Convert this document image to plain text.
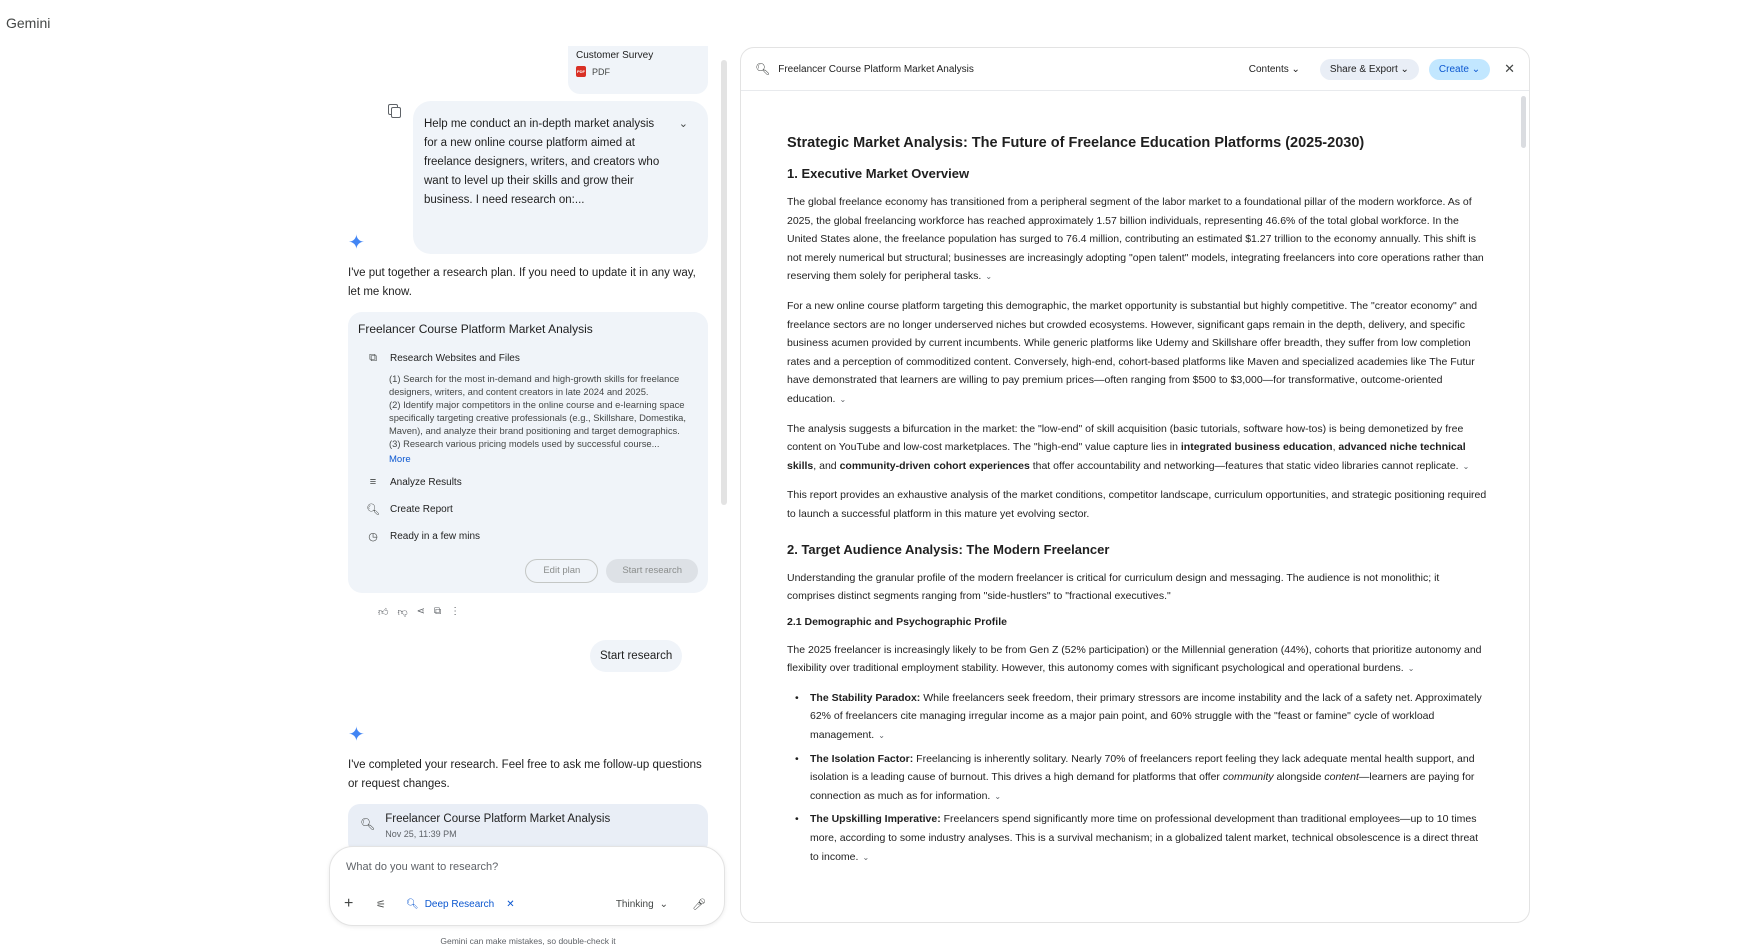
Gemini
Customer Survey
PDF PDF
Help me conduct an in-depth market analysis for a new online course platform aimed at freelance designers, writers, and creators who want to level up their skills and grow their business. I need research on:...
⌄
✦
I've put together a research plan. If you need to update it in any way, let me know.
Freelancer Course Platform Market Analysis
⧉	Research Websites and Files
(1) Search for the most in-demand and high-growth skills for freelance designers, writers, and content creators in late 2024 and 2025.
(2) Identify major competitors in the online course and e-learning space specifically targeting creative professionals (e.g., Skillshare, Domestika, Maven), and analyze their brand positioning and target demographics.
(3) Research various pricing models used by successful course...
More
≡	Analyze Results
🔍︎ Create Report
◷ Ready in a few mins
Edit plan	Start research
👍︎ 👎︎ ⋖ ⧉ ⋮
Start research
✦
I've completed your research. Feel free to ask me follow-up questions or request changes.
🔍︎ Freelancer Course Platform Market Analysis
Nov 25, 11:39 PM
What do you want to research?
+	⚟	🔍︎ Deep Research ✕	Thinking ⌄ 🎤︎
Gemini can make mistakes, so double-check it
🔍︎ Freelancer Course Platform Market Analysis	Contents ⌄	Share & Export ⌄	Create ⌄	✕
Strategic Market Analysis: The Future of Freelance Education Platforms (2025-2030)
1. Executive Market Overview

The global freelance economy has transitioned from a peripheral segment of the labor market to a foundational pillar of the modern workforce. As of 2025, the global freelancing workforce has reached approximately 1.57 billion individuals, representing 46.6% of the total global workforce. In the United States alone, the freelance population has surged to 76.4 million, contributing an estimated $1.27 trillion to the economy annually. This shift is not merely numerical but structural; businesses are increasingly adopting "open talent" models, integrating freelancers into core operations rather than reserving them solely for peripheral tasks. ⌄

For a new online course platform targeting this demographic, the market opportunity is substantial but highly competitive. The "creator economy" and freelance sectors are no longer underserved niches but crowded ecosystems. However, significant gaps remain in the depth, delivery, and specific business acumen provided by current incumbents. While generic platforms like Udemy and Skillshare offer breadth, they suffer from low completion rates and a perception of commoditized content. Conversely, high-end, cohort-based platforms like Maven and specialized academies like The Futur have demonstrated that learners are willing to pay premium prices—often ranging from $500 to $3,000—for transformative, outcome-oriented education. ⌄

The analysis suggests a bifurcation in the market: the "low-end" of skill acquisition (basic tutorials, software how-tos) is being demonetized by free content on YouTube and low-cost marketplaces. The "high-end" value capture lies in integrated business education, advanced niche technical skills, and community-driven cohort experiences that offer accountability and networking—features that static video libraries cannot replicate. ⌄

This report provides an exhaustive analysis of the market conditions, competitor landscape, curriculum opportunities, and strategic positioning required to launch a successful platform in this mature yet evolving sector.

2. Target Audience Analysis: The Modern Freelancer

Understanding the granular profile of the modern freelancer is critical for curriculum design and messaging. The audience is not monolithic; it comprises distinct segments ranging from "side-hustlers" to "fractional executives."

2.1 Demographic and Psychographic Profile

The 2025 freelancer is increasingly likely to be from Gen Z (52% participation) or the Millennial generation (44%), cohorts that prioritize autonomy and flexibility over traditional employment stability. However, this autonomy comes with significant psychological and operational burdens. ⌄

• The Stability Paradox: While freelancers seek freedom, their primary stressors are income instability and the lack of a safety net. Approximately 62% of freelancers cite managing irregular income as a major pain point, and 60% struggle with the "feast or famine" cycle of workload management. ⌄
• The Isolation Factor: Freelancing is inherently solitary. Nearly 70% of freelancers report feeling they lack adequate mental health support, and isolation is a leading cause of burnout. This drives a high demand for platforms that offer community alongside content—learners are paying for connection as much as for information. ⌄
• The Upskilling Imperative: Freelancers spend significantly more time on professional development than traditional employees—up to 10 times more, according to some industry analyses. This is a survival mechanism; in a globalized talent market, technical obsolescence is a direct threat to income. ⌄
